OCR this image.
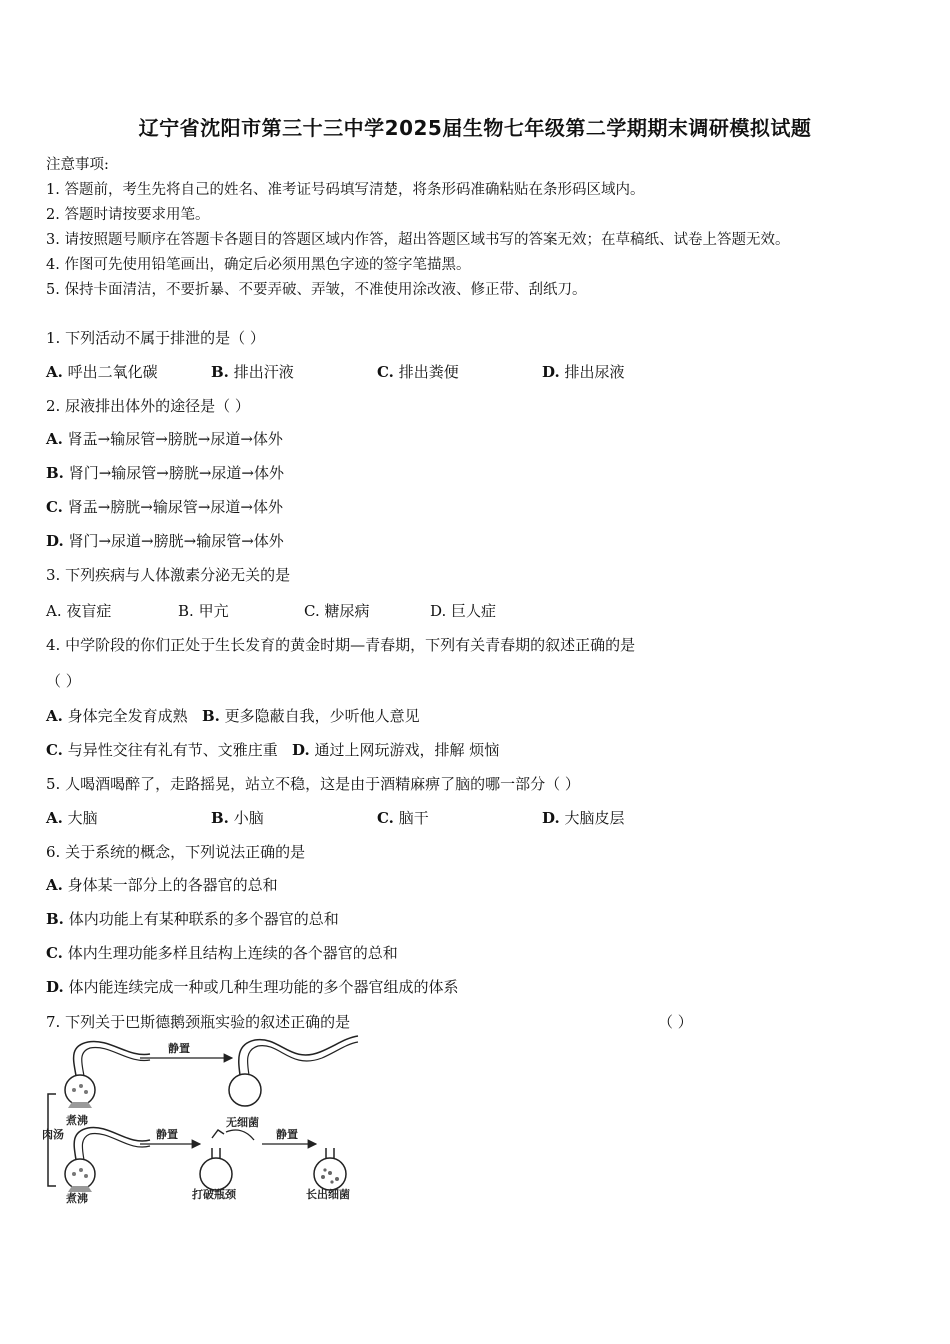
辽宁省沈阳市第三十三中学2025届生物七年级第二学期期末调研模拟试题
注意事项:
1. 答题前，考生先将自己的姓名、准考证号码填写清楚，将条形码准确粘贴在条形码区域内。
2. 答题时请按要求用笔。
3. 请按照题号顺序在答题卡各题目的答题区域内作答，超出答题区域书写的答案无效；在草稿纸、试卷上答题无效。
4. 作图可先使用铅笔画出，确定后必须用黑色字迹的签字笔描黑。
5. 保持卡面清洁，不要折暴、不要弄破、弄皱，不准使用涂改液、修正带、刮纸刀。
1. 下列活动不属于排泄的是（ ）
A. 呼出二氧化碳	B. 排出汗液	C. 排出粪便	D. 排出尿液
2. 尿液排出体外的途径是（ ）
A. 肾盂→输尿管→膀胱→尿道→体外
B. 肾门→输尿管→膀胱→尿道→体外
C. 肾盂→膀胱→输尿管→尿道→体外
D. 肾门→尿道→膀胱→输尿管→体外
3. 下列疾病与人体激素分泌无关的是
A. 夜盲症	B. 甲亢	C. 糖尿病	D. 巨人症
4. 中学阶段的你们正处于生长发育的黄金时期—青春期，下列有关青春期的叙述正确的是
（ ）
A. 身体完全发育成熟 B. 更多隐蔽自我，少听他人意见
C. 与异性交往有礼有节、文雅庄重 D. 通过上网玩游戏，排解 烦恼
5. 人喝酒喝醉了，走路摇晃，站立不稳，这是由于酒精麻痹了脑的哪一部分（ ）
A. 大脑	B. 小脑	C. 脑干	D. 大脑皮层
6. 关于系统的概念，下列说法正确的是
A. 身体某一部分上的各器官的总和
B. 体内功能上有某种联系的多个器官的总和
C. 体内生理功能多样且结构上连续的各个器官的总和
D. 体内能连续完成一种或几种生理功能的多个器官组成的体系
7. 下列关于巴斯德鹅颈瓶实验的叙述正确的是	（ ）
煮沸
静置
无细菌
肉汤
煮沸
静置
打破瓶颈
静置
长出细菌
